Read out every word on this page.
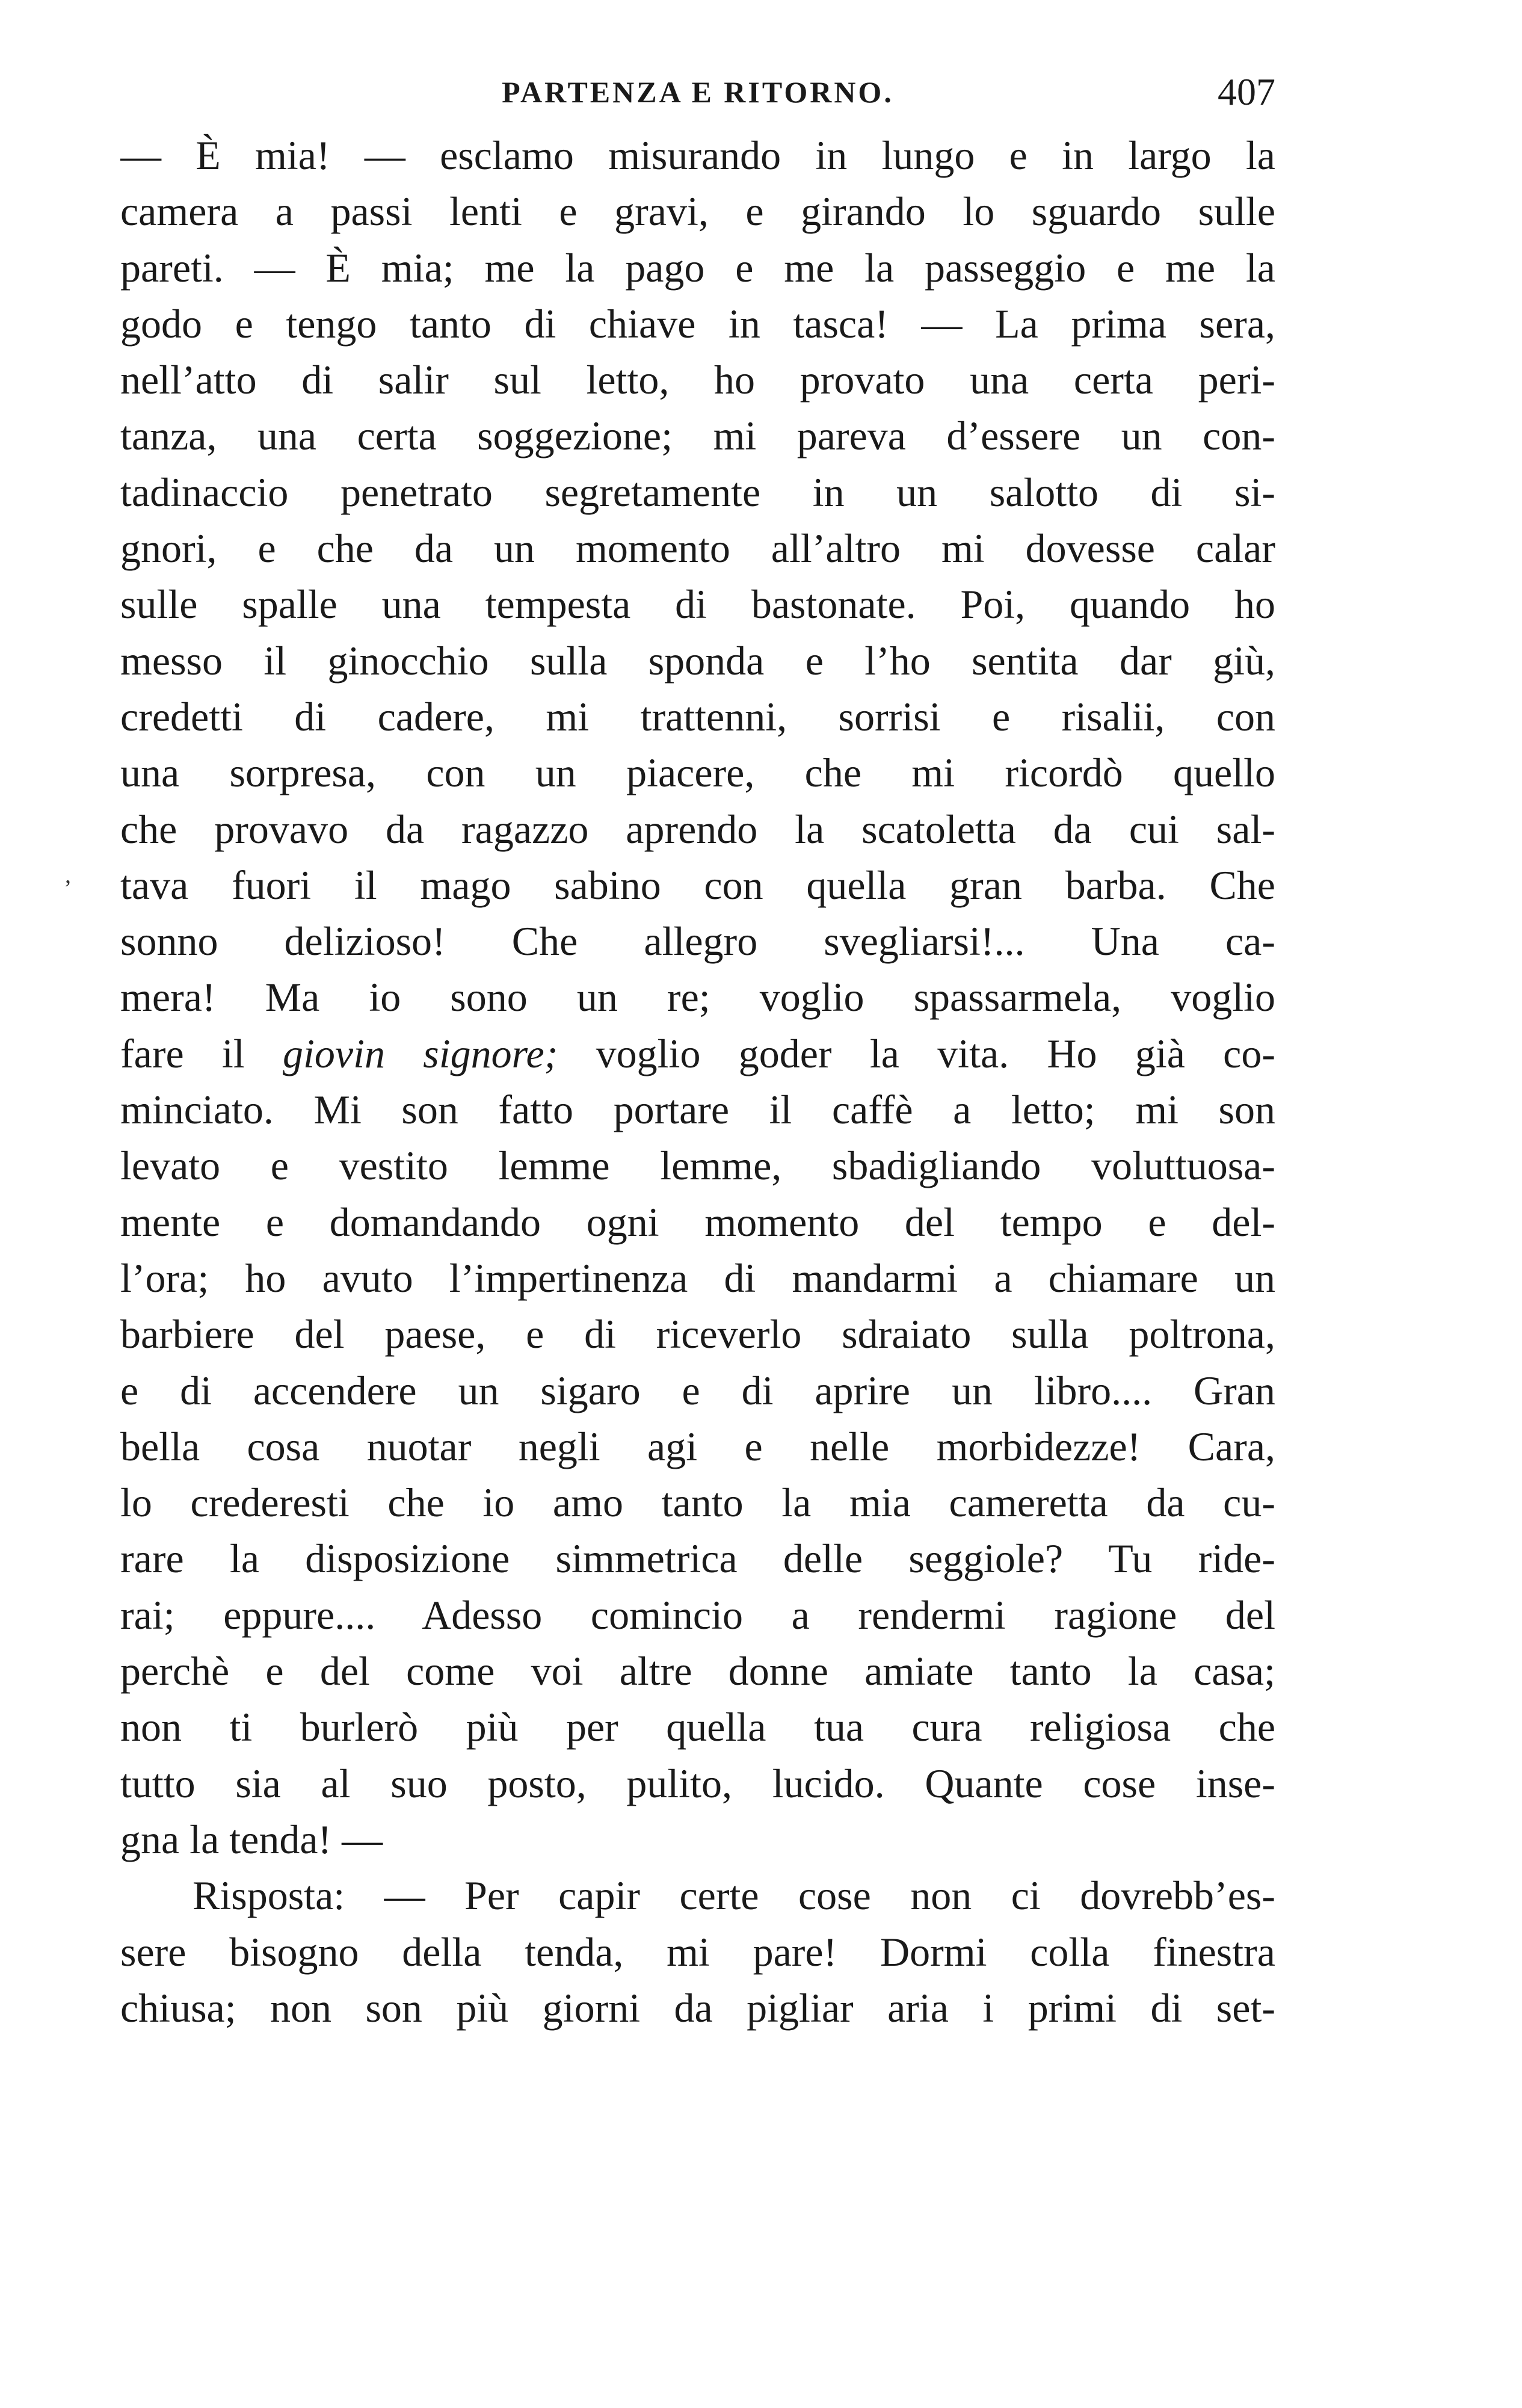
PARTENZA E RITORNO.	407
,
— È mia! — esclamo misurando in lungo e in largo la
camera a passi lenti e gravi, e girando lo sguardo sulle
pareti. — È mia; me la pago e me la passeggio e me la
godo e tengo tanto di chiave in tasca! — La prima sera,
nell’atto di salir sul letto, ho provato una certa peri-
tanza, una certa soggezione; mi pareva d’essere un con-
tadinaccio penetrato segretamente in un salotto di si-
gnori, e che da un momento all’altro mi dovesse calar
sulle spalle una tempesta di bastonate. Poi, quando ho
messo il ginocchio sulla sponda e l’ho sentita dar giù,
credetti di cadere, mi trattenni, sorrisi e risalii, con
una sorpresa, con un piacere, che mi ricordò quello
che provavo da ragazzo aprendo la scatoletta da cui sal-
tava fuori il mago sabino con quella gran barba. Che
sonno delizioso! Che allegro svegliarsi!... Una ca-
mera! Ma io sono un re; voglio spassarmela, voglio
fare il giovin signore; voglio goder la vita. Ho già co-
minciato. Mi son fatto portare il caffè a letto; mi son
levato e vestito lemme lemme, sbadigliando voluttuosa-
mente e domandando ogni momento del tempo e del-
l’ora; ho avuto l’impertinenza di mandarmi a chiamare un
barbiere del paese, e di riceverlo sdraiato sulla poltrona,
e di accendere un sigaro e di aprire un libro.... Gran
bella cosa nuotar negli agi e nelle morbidezze! Cara,
lo crederesti che io amo tanto la mia cameretta da cu-
rare la disposizione simmetrica delle seggiole? Tu ride-
rai; eppure.... Adesso comincio a rendermi ragione del
perchè e del come voi altre donne amiate tanto la casa;
non ti burlerò più per quella tua cura religiosa che
tutto sia al suo posto, pulito, lucido. Quante cose inse-
gna la tenda! —
Risposta: — Per capir certe cose non ci dovrebb’es-
sere bisogno della tenda, mi pare! Dormi colla finestra
chiusa; non son più giorni da pigliar aria i primi di set-
